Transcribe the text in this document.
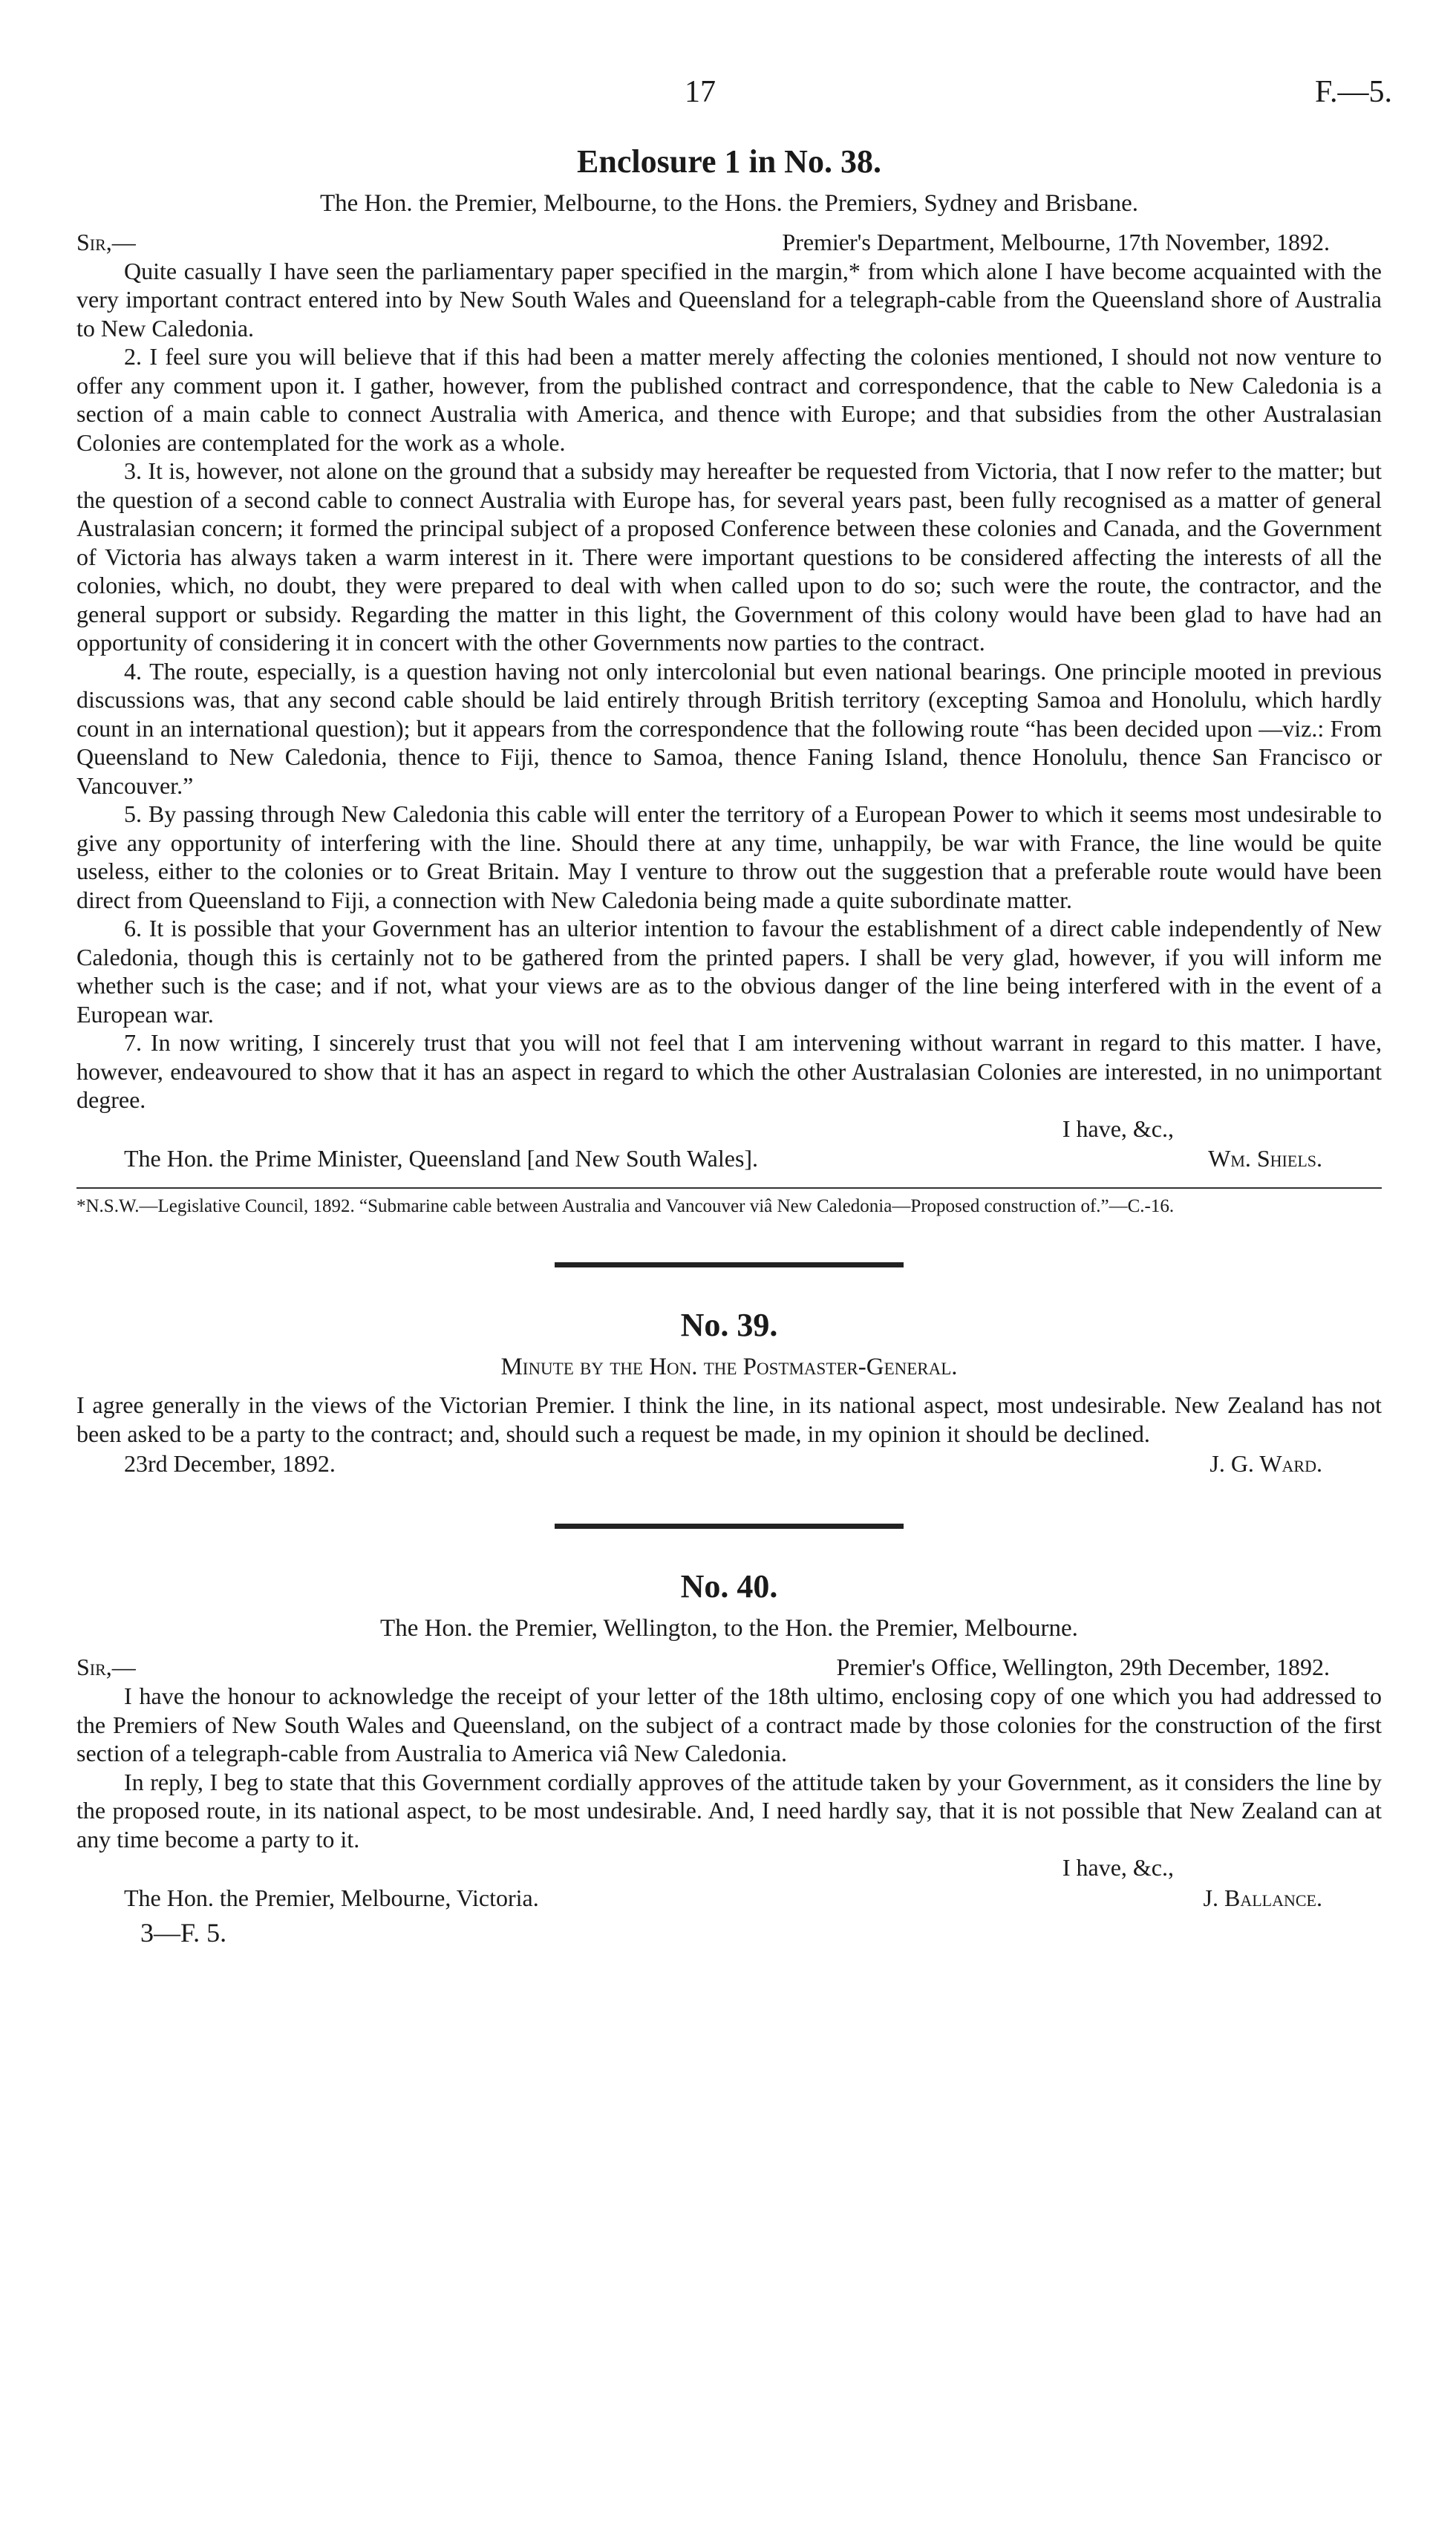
17	F.—5.
Enclosure 1 in No. 38.
The Hon. the Premier, Melbourne, to the Hons. the Premiers, Sydney and Brisbane.
Sir,—	Premier's Department, Melbourne, 17th November, 1892.

Quite casually I have seen the parliamentary paper specified in the margin,* from which alone I have become acquainted with the very important contract entered into by New South Wales and Queensland for a telegraph-cable from the Queensland shore of Australia to New Caledonia.

2. I feel sure you will believe that if this had been a matter merely affecting the colonies mentioned, I should not now venture to offer any comment upon it. I gather, however, from the published contract and correspondence, that the cable to New Caledonia is a section of a main cable to connect Australia with America, and thence with Europe; and that subsidies from the other Australasian Colonies are contemplated for the work as a whole.

3. It is, however, not alone on the ground that a subsidy may hereafter be requested from Victoria, that I now refer to the matter; but the question of a second cable to connect Australia with Europe has, for several years past, been fully recognised as a matter of general Australasian concern; it formed the principal subject of a proposed Conference between these colonies and Canada, and the Government of Victoria has always taken a warm interest in it. There were important questions to be considered affecting the interests of all the colonies, which, no doubt, they were prepared to deal with when called upon to do so; such were the route, the contractor, and the general support or subsidy. Regarding the matter in this light, the Government of this colony would have been glad to have had an opportunity of considering it in concert with the other Governments now parties to the contract.

4. The route, especially, is a question having not only intercolonial but even national bearings. One principle mooted in previous discussions was, that any second cable should be laid entirely through British territory (excepting Samoa and Honolulu, which hardly count in an international question); but it appears from the correspondence that the following route “has been decided upon —viz.: From Queensland to New Caledonia, thence to Fiji, thence to Samoa, thence Faning Island, thence Honolulu, thence San Francisco or Vancouver.”

5. By passing through New Caledonia this cable will enter the territory of a European Power to which it seems most undesirable to give any opportunity of interfering with the line. Should there at any time, unhappily, be war with France, the line would be quite useless, either to the colonies or to Great Britain. May I venture to throw out the suggestion that a preferable route would have been direct from Queensland to Fiji, a connection with New Caledonia being made a quite subordinate matter.

6. It is possible that your Government has an ulterior intention to favour the establishment of a direct cable independently of New Caledonia, though this is certainly not to be gathered from the printed papers. I shall be very glad, however, if you will inform me whether such is the case; and if not, what your views are as to the obvious danger of the line being interfered with in the event of a European war.

7. In now writing, I sincerely trust that you will not feel that I am intervening without warrant in regard to this matter. I have, however, endeavoured to show that it has an aspect in regard to which the other Australasian Colonies are interested, in no unimportant degree.

I have, &c.,

The Hon. the Prime Minister, Queensland [and New South Wales].	Wm. Shiels.

*N.S.W.—Legislative Council, 1892. “Submarine cable between Australia and Vancouver viâ New Caledonia—Proposed construction of.”—C.-16.

No. 39.
Minute by the Hon. the Postmaster-General.

I agree generally in the views of the Victorian Premier. I think the line, in its national aspect, most undesirable. New Zealand has not been asked to be a party to the contract; and, should such a request be made, in my opinion it should be declined.

23rd December, 1892.	J. G. Ward.
No. 40.
The Hon. the Premier, Wellington, to the Hon. the Premier, Melbourne.
Sir,—	Premier's Office, Wellington, 29th December, 1892.

I have the honour to acknowledge the receipt of your letter of the 18th ultimo, enclosing copy of one which you had addressed to the Premiers of New South Wales and Queensland, on the subject of a contract made by those colonies for the construction of the first section of a telegraph-cable from Australia to America viâ New Caledonia.

In reply, I beg to state that this Government cordially approves of the attitude taken by your Government, as it considers the line by the proposed route, in its national aspect, to be most undesirable. And, I need hardly say, that it is not possible that New Zealand can at any time become a party to it.

I have, &c.,

The Hon. the Premier, Melbourne, Victoria.	J. Ballance.
3—F. 5.
